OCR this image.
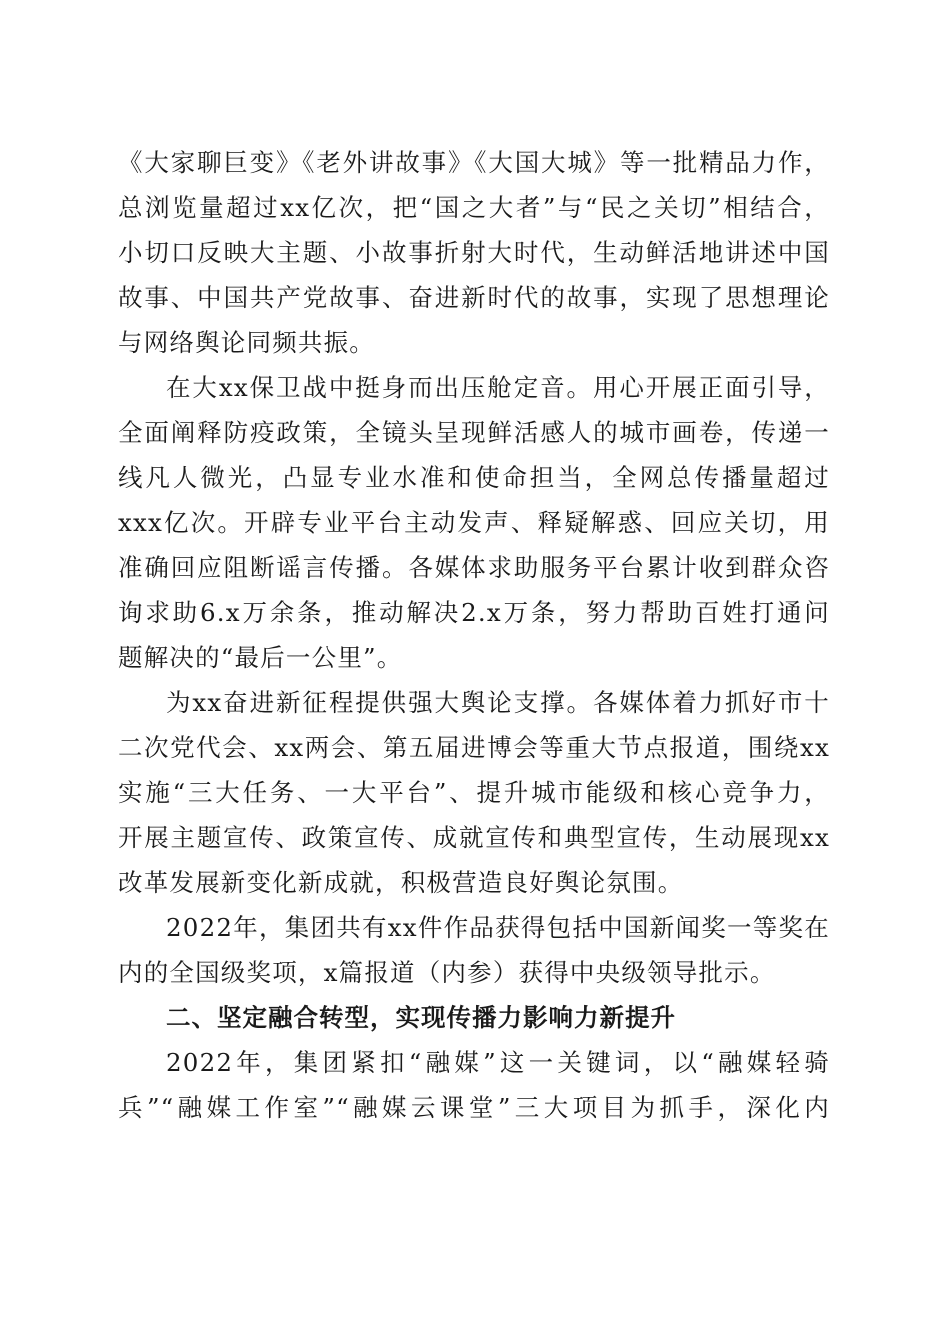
《大家聊巨变》《老外讲故事》《大国大城》等一批精品力作，
总浏览量超过xx亿次，把“国之大者”与“民之关切”相结合，
小切口反映大主题、小故事折射大时代，生动鲜活地讲述中国
故事、中国共产党故事、奋进新时代的故事，实现了思想理论
与网络舆论同频共振。
在大xx保卫战中挺身而出压舱定音。用心开展正面引导，
全面阐释防疫政策，全镜头呈现鲜活感人的城市画卷，传递一
线凡人微光，凸显专业水准和使命担当，全网总传播量超过
xxx亿次。开辟专业平台主动发声、释疑解惑、回应关切，用
准确回应阻断谣言传播。各媒体求助服务平台累计收到群众咨
询求助6.x万余条，推动解决2.x万条，努力帮助百姓打通问
题解决的“最后一公里”。
为xx奋进新征程提供强大舆论支撑。各媒体着力抓好市十
二次党代会、xx两会、第五届进博会等重大节点报道，围绕xx
实施“三大任务、一大平台”、提升城市能级和核心竞争力，
开展主题宣传、政策宣传、成就宣传和典型宣传，生动展现xx
改革发展新变化新成就，积极营造良好舆论氛围。
2022年，集团共有xx件作品获得包括中国新闻奖一等奖在
内的全国级奖项，x篇报道（内参）获得中央级领导批示。
二、坚定融合转型，实现传播力影响力新提升
2022年，集团紧扣“融媒”这一关键词，以“融媒轻骑
兵”“融媒工作室”“融媒云课堂”三大项目为抓手，深化内
